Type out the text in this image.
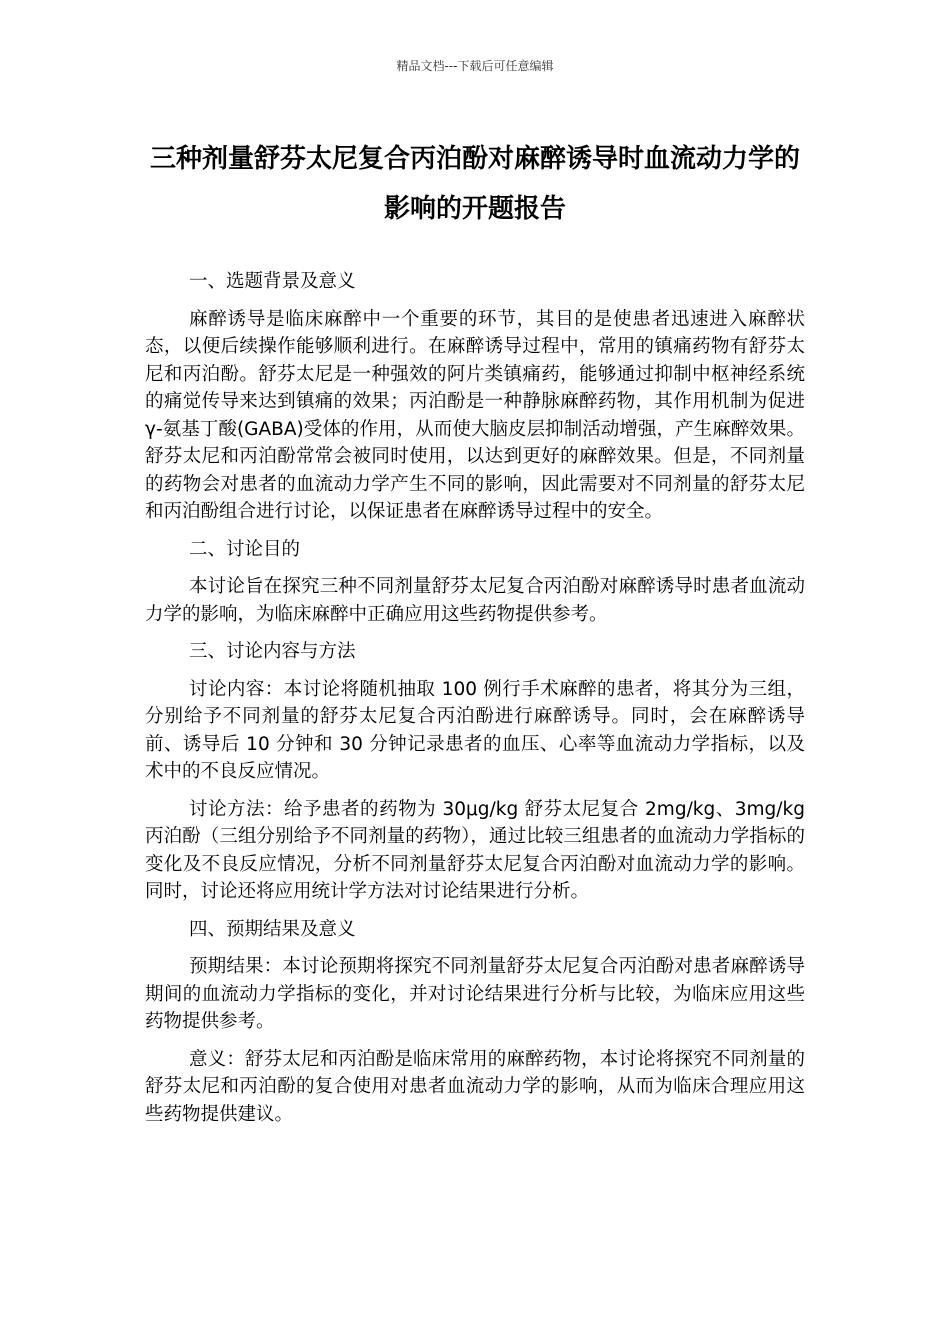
精品文档---下载后可任意编辑
三种剂量舒芬太尼复合丙泊酚对麻醉诱导时血流动力学的影响的开题报告

一、选题背景及意义

麻醉诱导是临床麻醉中一个重要的环节，其目的是使患者迅速进入麻醉状态，以便后续操作能够顺利进行。在麻醉诱导过程中，常用的镇痛药物有舒芬太尼和丙泊酚。舒芬太尼是一种强效的阿片类镇痛药，能够通过抑制中枢神经系统的痛觉传导来达到镇痛的效果；丙泊酚是一种静脉麻醉药物，其作用机制为促进γ-氨基丁酸(GABA)受体的作用，从而使大脑皮层抑制活动增强，产生麻醉效果。舒芬太尼和丙泊酚常常会被同时使用，以达到更好的麻醉效果。但是，不同剂量的药物会对患者的血流动力学产生不同的影响，因此需要对不同剂量的舒芬太尼和丙泊酚组合进行讨论，以保证患者在麻醉诱导过程中的安全。

二、讨论目的

本讨论旨在探究三种不同剂量舒芬太尼复合丙泊酚对麻醉诱导时患者血流动力学的影响，为临床麻醉中正确应用这些药物提供参考。

三、讨论内容与方法

讨论内容：本讨论将随机抽取 100 例行手术麻醉的患者，将其分为三组，分别给予不同剂量的舒芬太尼复合丙泊酚进行麻醉诱导。同时，会在麻醉诱导前、诱导后 10 分钟和 30 分钟记录患者的血压、心率等血流动力学指标，以及术中的不良反应情况。

讨论方法：给予患者的药物为 30μg/kg 舒芬太尼复合 2mg/kg、3mg/kg 丙泊酚（三组分别给予不同剂量的药物），通过比较三组患者的血流动力学指标的变化及不良反应情况，分析不同剂量舒芬太尼复合丙泊酚对血流动力学的影响。同时，讨论还将应用统计学方法对讨论结果进行分析。

四、预期结果及意义

预期结果：本讨论预期将探究不同剂量舒芬太尼复合丙泊酚对患者麻醉诱导期间的血流动力学指标的变化，并对讨论结果进行分析与比较，为临床应用这些药物提供参考。

意义：舒芬太尼和丙泊酚是临床常用的麻醉药物，本讨论将探究不同剂量的舒芬太尼和丙泊酚的复合使用对患者血流动力学的影响，从而为临床合理应用这些药物提供建议。
